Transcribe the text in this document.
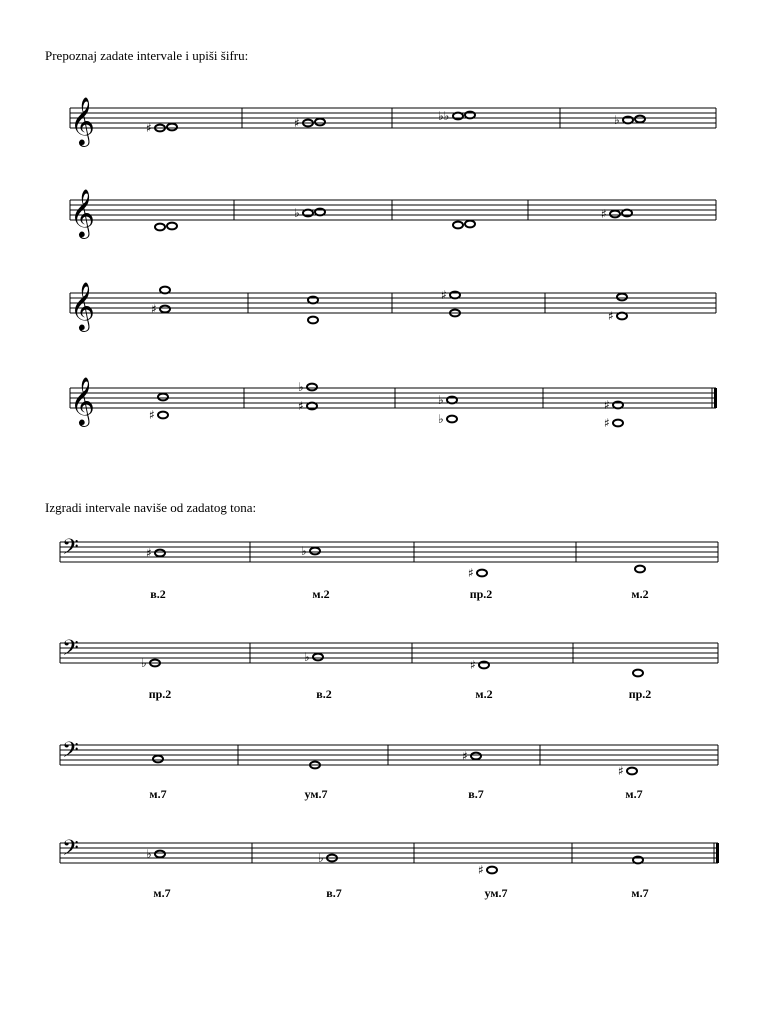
Prepoznaj zadate intervale i upiši šifru:
Izgradi intervale naviše od zadatog tona:
𝄞	♯	♯	♭♭	♭
𝄞	♭	♯
𝄞	♯
♯
♯
𝄞	♯
♭
♯	♭
♭
♯
♯
𝄢	♯	♭
♯
в.2	м.2	пр.2	м.2
𝄢	♭	♭
♯
пр.2	в.2	м.2	пр.2
𝄢	♯
♯
м.7	ум.7	в.7	м.7
𝄢	♭	♭
♯
м.7	в.7	ум.7	м.7
